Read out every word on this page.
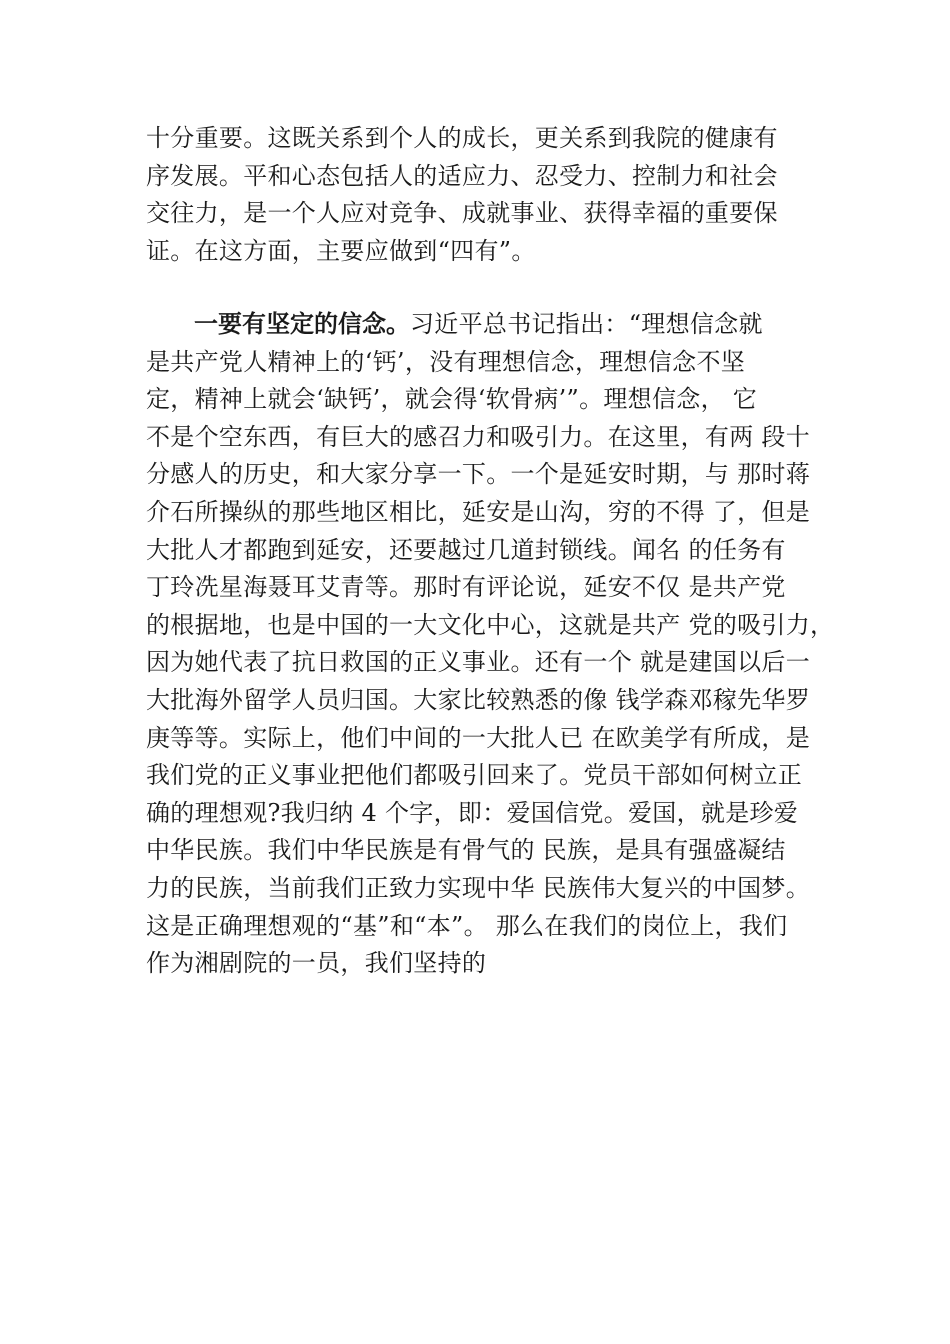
十分重要。这既关系到个人的成长，更关系到我院的健康有
序发展。平和心态包括人的适应力、忍受力、控制力和社会
交往力，是一个人应对竞争、成就事业、获得幸福的重要保
证。在这方面，主要应做到“四有”。
一要有坚定的信念。习近平总书记指出：“理想信念就
是共产党人精神上的‘钙’，没有理想信念，理想信念不坚
定，精神上就会‘缺钙’，就会得‘软骨病’”。理想信念， 它
不是个空东西，有巨大的感召力和吸引力。在这里，有两 段十
分感人的历史，和大家分享一下。一个是延安时期，与 那时蒋
介石所操纵的那些地区相比，延安是山沟，穷的不得 了，但是
大批人才都跑到延安，还要越过几道封锁线。闻名 的任务有
丁玲冼星海聂耳艾青等。那时有评论说，延安不仅 是共产党
的根据地，也是中国的一大文化中心，这就是共产 党的吸引力，
因为她代表了抗日救国的正义事业。还有一个 就是建国以后一
大批海外留学人员归国。大家比较熟悉的像 钱学森邓稼先华罗
庚等等。实际上，他们中间的一大批人已 在欧美学有所成，是
我们党的正义事业把他们都吸引回来了。党员干部如何树立正
确的理想观?我归纳 4 个字，即：爱国信党。爱国，就是珍爱
中华民族。我们中华民族是有骨气的 民族，是具有强盛凝结
力的民族，当前我们正致力实现中华 民族伟大复兴的中国梦。
这是正确理想观的“基”和“本”。 那么在我们的岗位上，我们
作为湘剧院的一员，我们坚持的
